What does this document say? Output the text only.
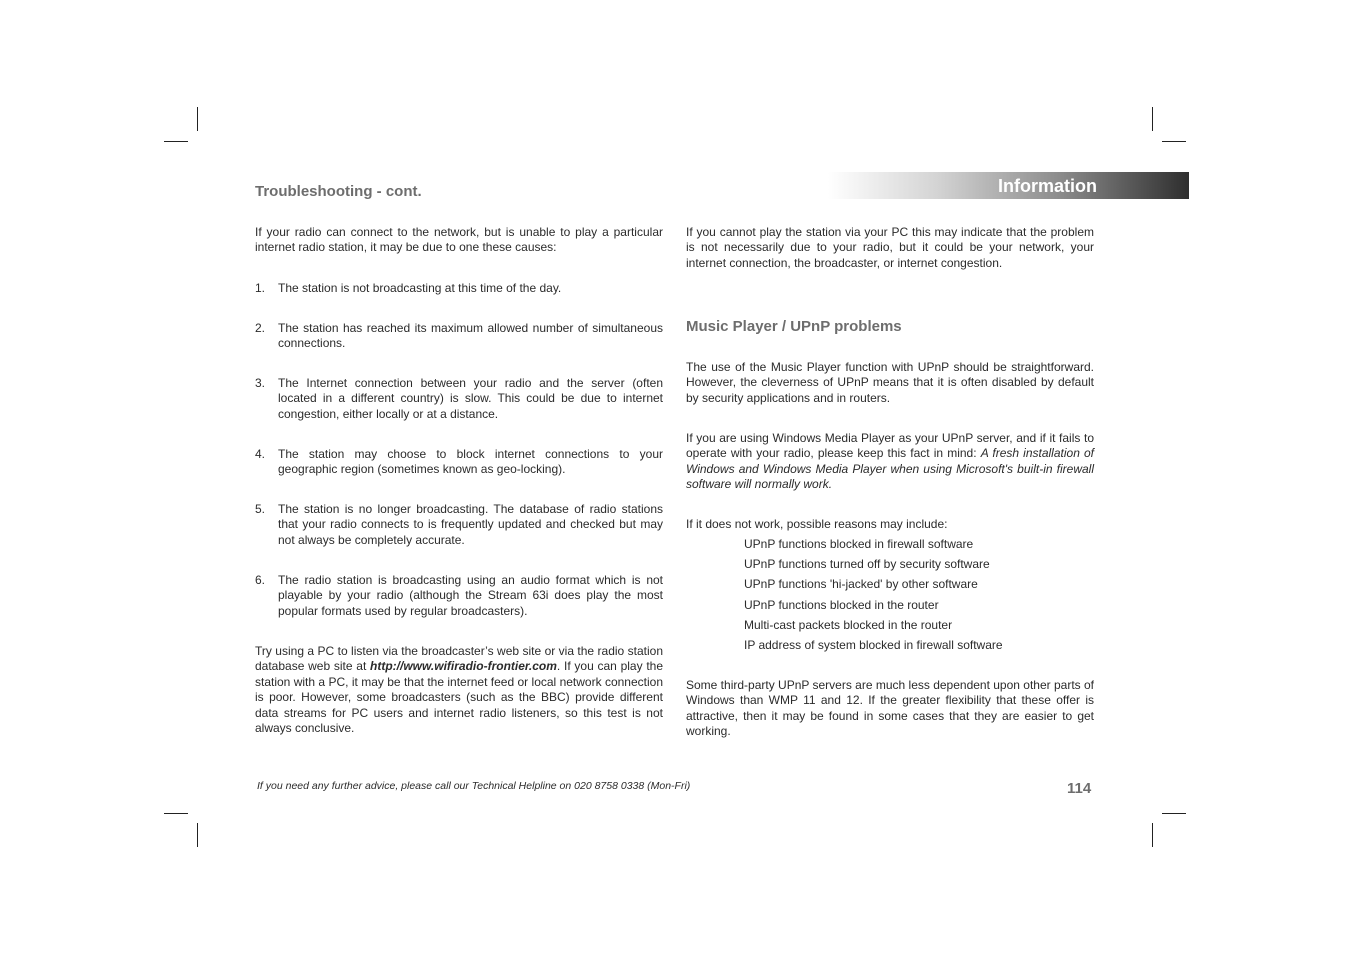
Information
Troubleshooting - cont.

If your radio can connect to the network, but is unable to play a particular internet radio station, it may be due to one these causes:

1. The station is not broadcasting at this time of the day.
2. The station has reached its maximum allowed number of simultaneous connections.
3. The Internet connection between your radio and the server (often located in a different country) is slow. This could be due to internet congestion, either locally or at a distance.
4. The station may choose to block internet connections to your geographic region (sometimes known as geo-locking).
5. The station is no longer broadcasting. The database of radio stations that your radio connects to is frequently updated and checked but may not always be completely accurate.
6. The radio station is broadcasting using an audio format which is not playable by your radio (although the Stream 63i does play the most popular formats used by regular broadcasters).

Try using a PC to listen via the broadcaster’s web site or via the radio station database web site at http://www.wifiradio-frontier.com. If you can play the station with a PC, it may be that the internet feed or local network connection is poor. However, some broadcasters (such as the BBC) provide different data streams for PC users and internet radio listeners, so this test is not always conclusive.

If you cannot play the station via your PC this may indicate that the problem is not necessarily due to your radio, but it could be your network, your internet connection, the broadcaster, or internet congestion.

Music Player / UPnP problems

The use of the Music Player function with UPnP should be straightforward. However, the cleverness of UPnP means that it is often disabled by default by security applications and in routers.

If you are using Windows Media Player as your UPnP server, and if it fails to operate with your radio, please keep this fact in mind: A fresh installation of Windows and Windows Media Player when using Microsoft's built-in firewall software will normally work.

If it does not work, possible reasons may include:

UPnP functions blocked in firewall software
UPnP functions turned off by security software
UPnP functions 'hi-jacked' by other software
UPnP functions blocked in the router
Multi-cast packets blocked in the router
IP address of system blocked in firewall software

Some third-party UPnP servers are much less dependent upon other parts of Windows than WMP 11 and 12. If the greater flexibility that these offer is attractive, then it may be found in some cases that they are easier to get working.

If you need any further advice, please call our Technical Helpline on 020 8758 0338 (Mon-Fri)	114
